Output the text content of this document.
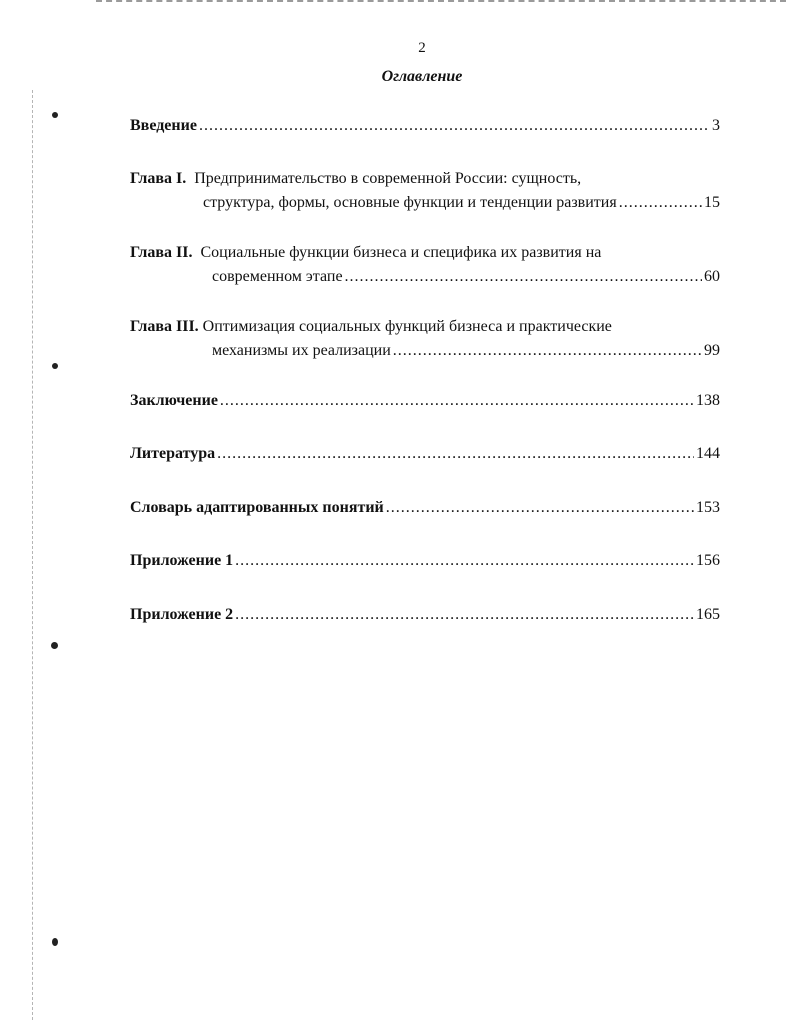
2
Оглавление
Введение .....	3
Глава I. Предпринимательство в современной России: сущность,
структура, формы, основные функции и тенденции развития .....	15
Глава II. Социальные функции бизнеса и специфика их развития на
современном этапе .....	60
Глава III. Оптимизация социальных функций бизнеса и практические
механизмы их реализации .....	99
Заключение .....	138
Литература .....	144
Словарь адаптированных понятий .....	153
Приложение 1 .....	156
Приложение 2 .....	165
